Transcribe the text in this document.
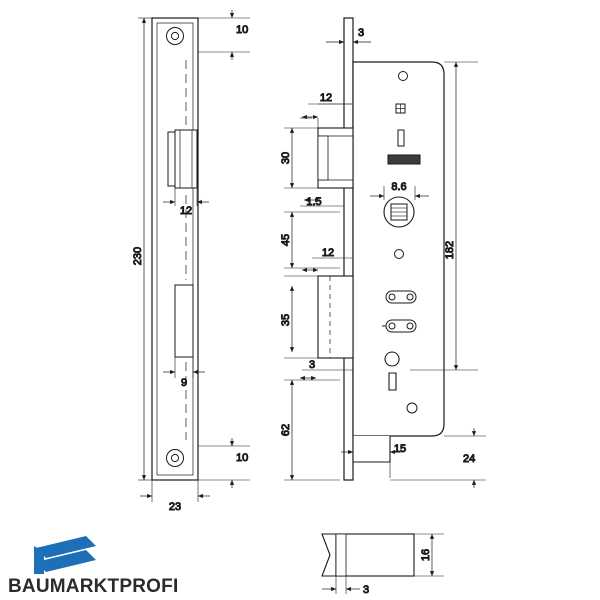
10
10
230
12
9
23
3
12
30
1.5
8.6
45
12
35
3
62
182
15
24
16
3
BAUMARKTPROFI
